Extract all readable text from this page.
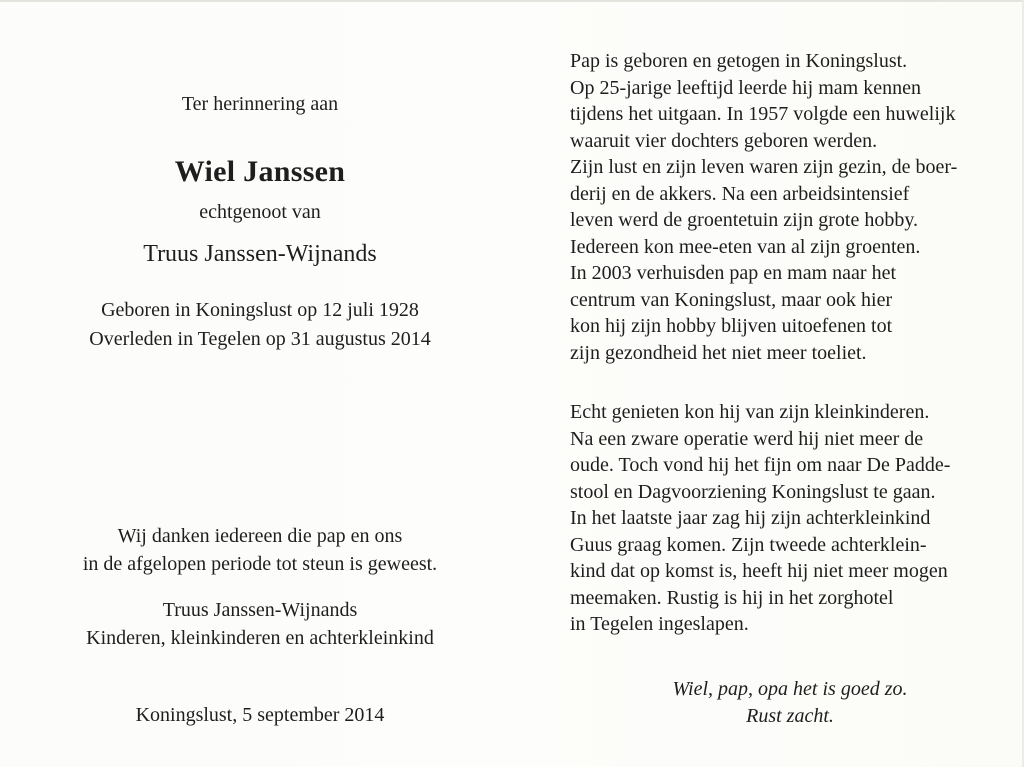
Ter herinnering aan
Wiel Janssen
echtgenoot van
Truus Janssen-Wijnands
Geboren in Koningslust op 12 juli 1928
Overleden in Tegelen op 31 augustus 2014
Wij danken iedereen die pap en ons
in de afgelopen periode tot steun is geweest.
Truus Janssen-Wijnands
Kinderen, kleinkinderen en achterkleinkind
Koningslust, 5 september 2014
Pap is geboren en getogen in Koningslust.
Op 25-jarige leeftijd leerde hij mam kennen
tijdens het uitgaan. In 1957 volgde een huwelijk
waaruit vier dochters geboren werden.
Zijn lust en zijn leven waren zijn gezin, de boer-
derij en de akkers. Na een arbeidsintensief
leven werd de groentetuin zijn grote hobby.
Iedereen kon mee-eten van al zijn groenten.
In 2003 verhuisden pap en mam naar het
centrum van Koningslust, maar ook hier
kon hij zijn hobby blijven uitoefenen tot
zijn gezondheid het niet meer toeliet.
Echt genieten kon hij van zijn kleinkinderen.
Na een zware operatie werd hij niet meer de
oude. Toch vond hij het fijn om naar De Padde-
stool en Dagvoorziening Koningslust te gaan.
In het laatste jaar zag hij zijn achterkleinkind
Guus graag komen. Zijn tweede achterklein-
kind dat op komst is, heeft hij niet meer mogen
meemaken. Rustig is hij in het zorghotel
in Tegelen ingeslapen.
Wiel, pap, opa het is goed zo.
Rust zacht.
